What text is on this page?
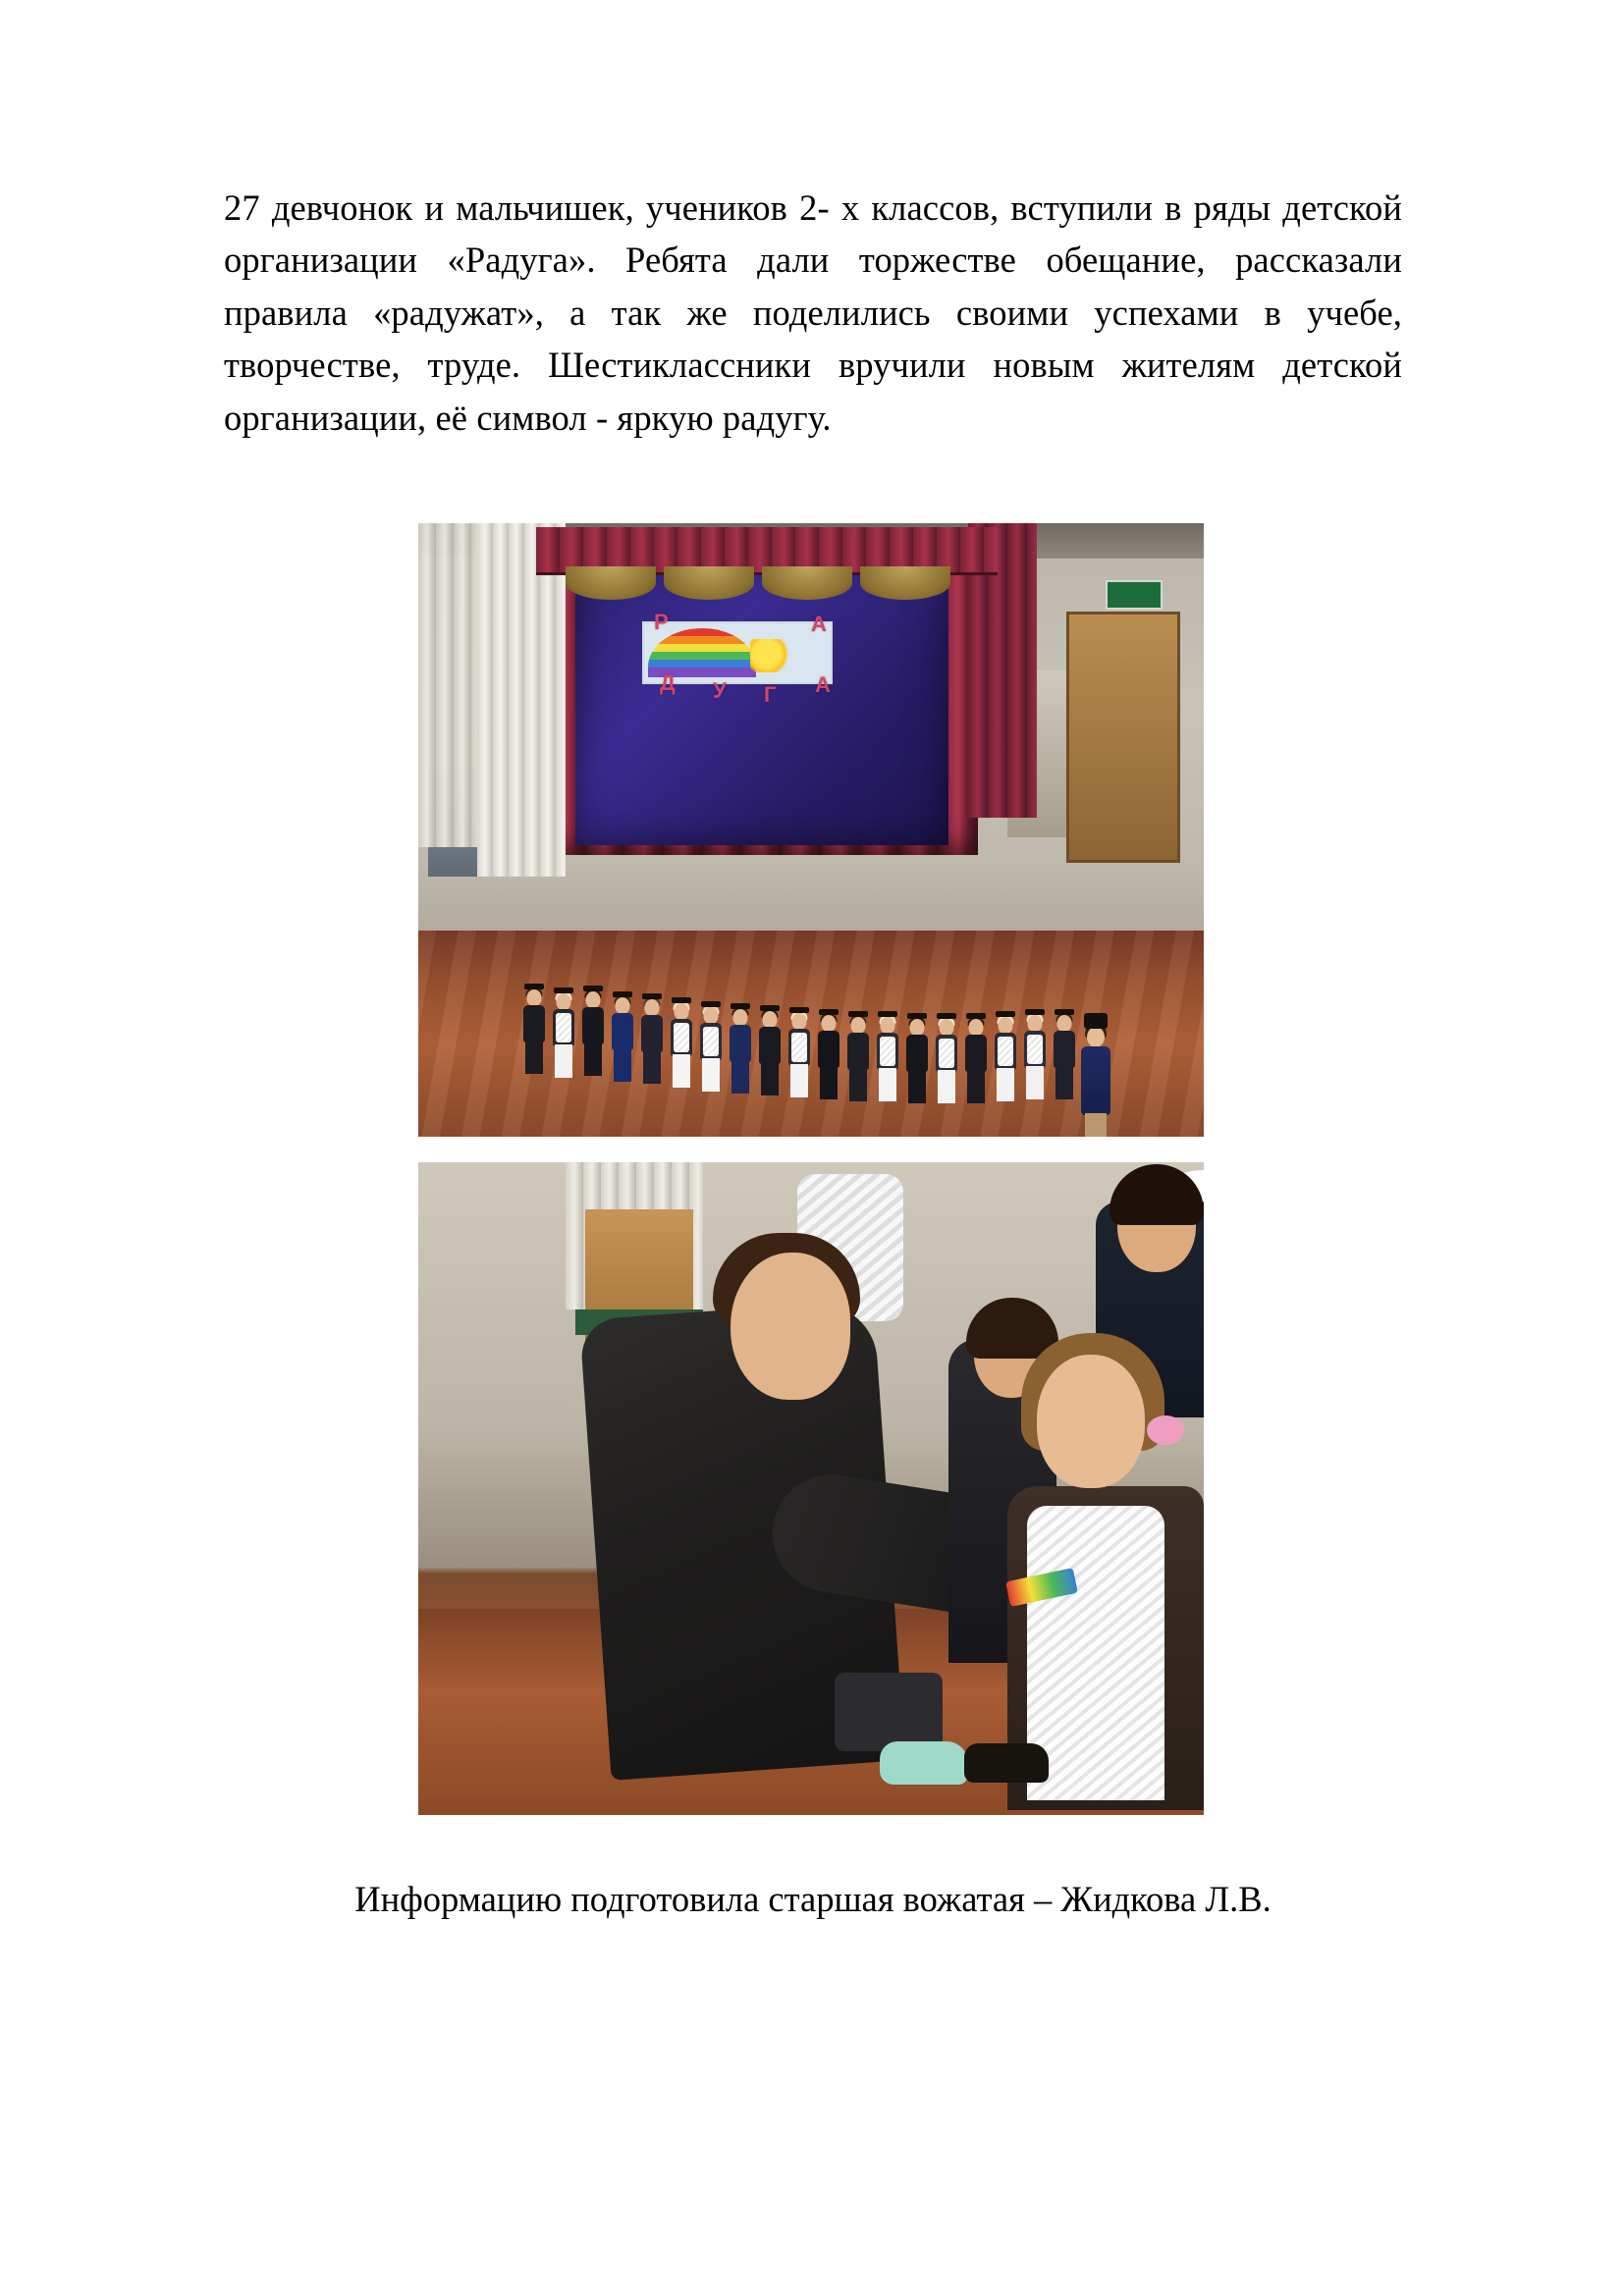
27 девчонок и мальчишек, учеников 2- х классов, вступили в ряды детской организации «Радуга». Ребята дали торжестве обещание, рассказали правила «радужат», а так же поделились своими успехами в учебе, творчестве, труде. Шестиклассники вручили новым жителям детской организации, её символ - яркую радугу.

Р	А
Д У Г А

Информацию подготовила старшая вожатая – Жидкова Л.В.
